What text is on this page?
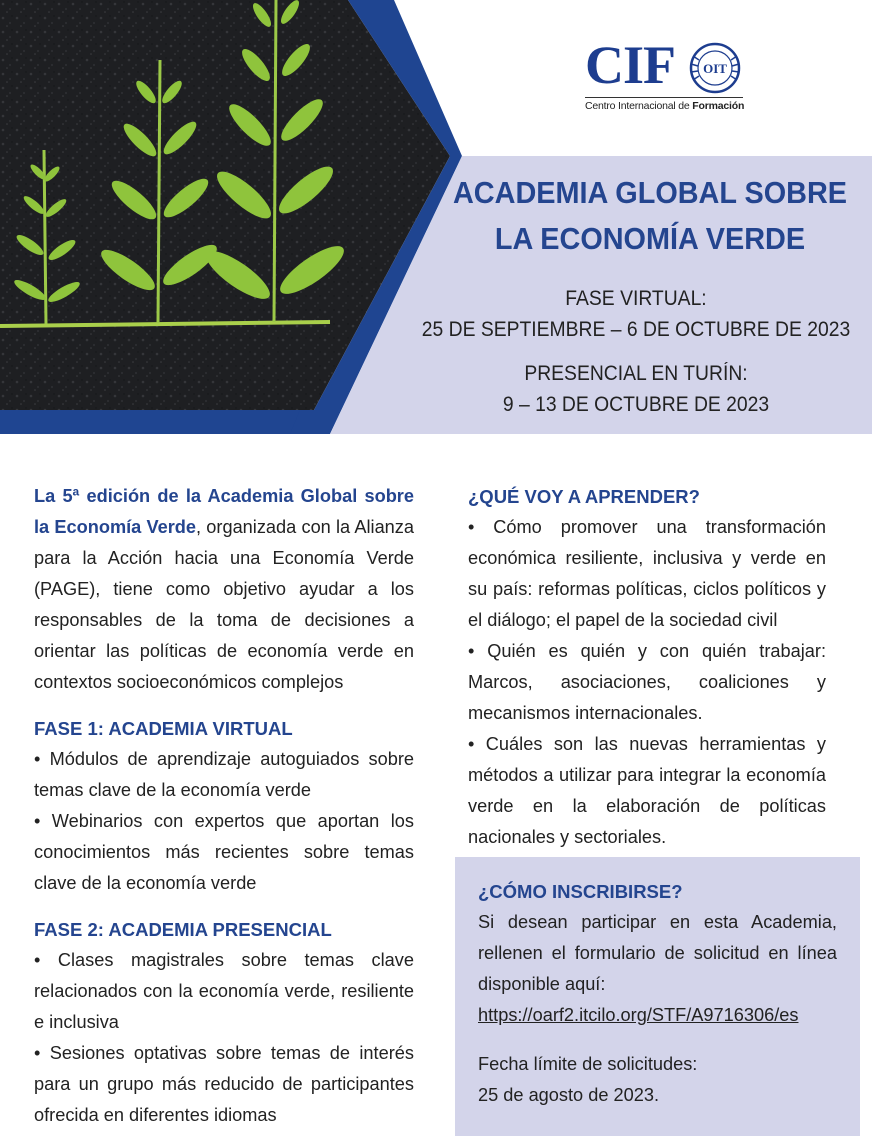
CIF OIT
Centro Internacional de Formación
ACADEMIA GLOBAL SOBRE
LA ECONOMÍA VERDE
FASE VIRTUAL:
25 DE SEPTIEMBRE – 6 DE OCTUBRE DE 2023
PRESENCIAL EN TURÍN:
9 – 13 DE OCTUBRE DE 2023

La 5ª edición de la Academia Global sobre la Economía Verde, organizada con la Alianza para la Acción hacia una Economía Verde (PAGE), tiene como objetivo ayudar a los responsables de la toma de decisiones a orientar las políticas de economía verde en contextos socioeconómicos complejos

FASE 1: ACADEMIA VIRTUAL

• Módulos de aprendizaje autoguiados sobre temas clave de la economía verde

• Webinarios con expertos que aportan los conocimientos más recientes sobre temas clave de la economía verde

FASE 2: ACADEMIA PRESENCIAL

• Clases magistrales sobre temas clave relacionados con la economía verde, resiliente e inclusiva

• Sesiones optativas sobre temas de interés para un grupo más reducido de participantes ofrecida en diferentes idiomas

¿QUÉ VOY A APRENDER?

• Cómo promover una transformación económica resiliente, inclusiva y verde en su país: reformas políticas, ciclos políticos y el diálogo; el papel de la sociedad civil

• Quién es quién y con quién trabajar: Marcos, asociaciones, coaliciones y mecanismos internacionales.

• Cuáles son las nuevas herramientas y métodos a utilizar para integrar la economía verde en la elaboración de políticas nacionales y sectoriales.

¿CÓMO INSCRIBIRSE?

Si desean participar en esta Academia, rellenen el formulario de solicitud en línea disponible aquí:

https://oarf2.itcilo.org/STF/A9716306/es

Fecha límite de solicitudes:

25 de agosto de 2023.
